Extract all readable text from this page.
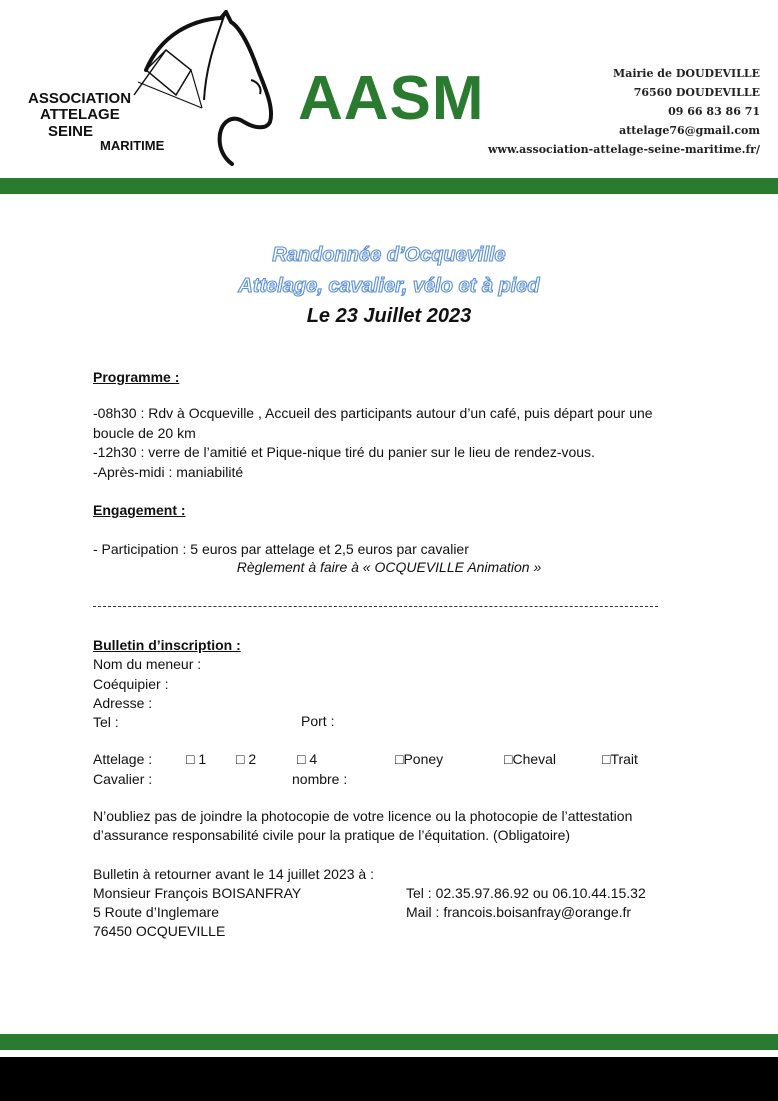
ASSOCIATION
ATTELAGE
SEINE
MARITIME
AASM	Mairie de DOUDEVILLE
76560 DOUDEVILLE
09 66 83 86 71
attelage76@gmail.com
www.association-attelage-seine-maritime.fr/
Randonnée d’Ocqueville
Attelage, cavalier, vélo et à pied
Le 23 Juillet 2023
Programme :
-08h30 : Rdv à Ocqueville , Accueil des participants autour d’un café, puis départ pour une
boucle de 20 km
-12h30 : verre de l’amitié et Pique-nique tiré du panier sur le lieu de rendez-vous.
-Après-midi : maniabilité
Engagement :
- Participation : 5 euros par attelage et 2,5 euros par cavalier
Règlement à faire à « OCQUEVILLE Animation »
Bulletin d’inscription :
Nom du meneur :
Coéquipier :
Adresse :
Tel :	Port :
Attelage : □ 1 □ 2	□ 4	□Poney	□Cheval	□Trait
Cavalier :	nombre :
N’oubliez pas de joindre la photocopie de votre licence ou la photocopie de l’attestation
d’assurance responsabilité civile pour la pratique de l’équitation. (Obligatoire)
Bulletin à retourner avant le 14 juillet 2023 à :
Monsieur François BOISANFRAY	Tel : 02.35.97.86.92 ou 06.10.44.15.32
5 Route d’Inglemare	Mail : francois.boisanfray@orange.fr
76450 OCQUEVILLE
